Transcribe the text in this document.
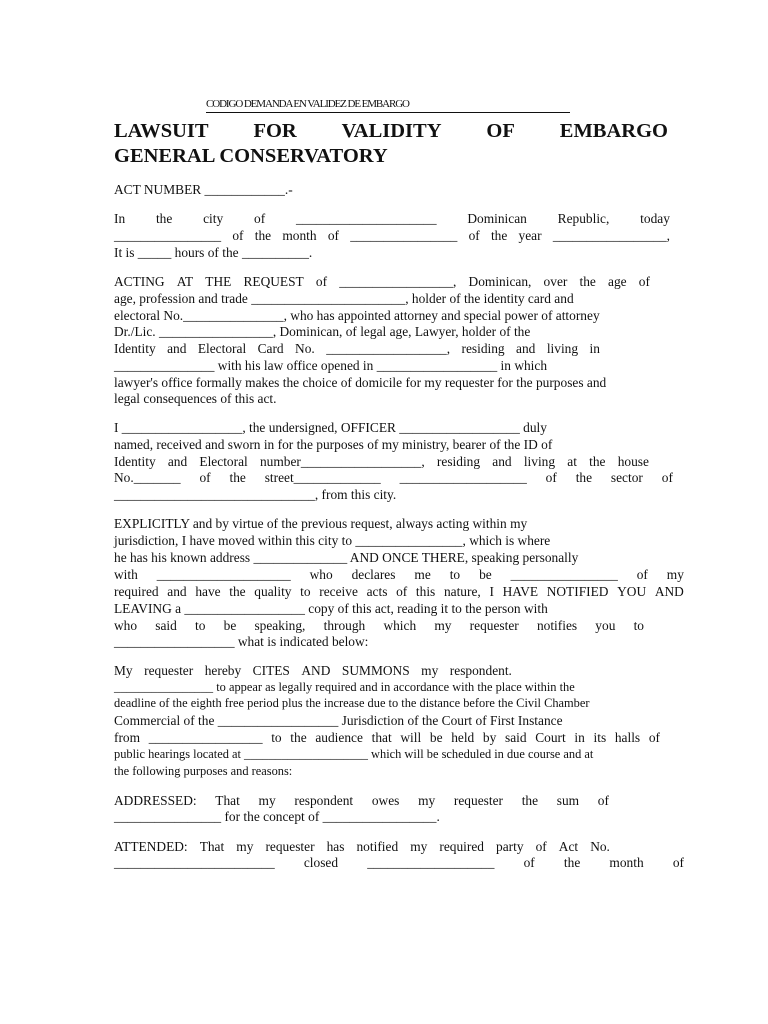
CODIGO DEMANDA EN VALIDEZ DE EMBARGO
LAWSUIT FOR VALIDITY OF EMBARGO
GENERAL CONSERVATORY
ACT NUMBER ____________.-
In the city of _____________________ Dominican Republic, today
________________ of the month of ________________ of the year _________________,
It is _____ hours of the __________.
ACTING AT THE REQUEST of _________________, Dominican, over the age of
age, profession and trade _______________________, holder of the identity card and
electoral No._______________, who has appointed attorney and special power of attorney
Dr./Lic. _________________, Dominican, of legal age, Lawyer, holder of the
Identity and Electoral Card No. __________________, residing and living in
_______________ with his law office opened in __________________ in which
lawyer's office formally makes the choice of domicile for my requester for the purposes and
legal consequences of this act.
I __________________, the undersigned, OFFICER __________________ duly
named, received and sworn in for the purposes of my ministry, bearer of the ID of
Identity and Electoral number__________________, residing and living at the house
No._______ of the street_____________ ___________________ of the sector of
______________________________, from this city.
EXPLICITLY and by virtue of the previous request, always acting within my
jurisdiction, I have moved within this city to ________________, which is where
he has his known address ______________ AND ONCE THERE, speaking personally
with ____________________ who declares me to be ________________ of my
required and have the quality to receive acts of this nature, I HAVE NOTIFIED YOU AND
LEAVING a __________________ copy of this act, reading it to the person with
who said to be speaking, through which my requester notifies you to
__________________ what is indicated below:
My requester hereby CITES AND SUMMONS my respondent.
________________ to appear as legally required and in accordance with the place within the
deadline of the eighth free period plus the increase due to the distance before the Civil Chamber
Commercial of the __________________ Jurisdiction of the Court of First Instance
from _________________ to the audience that will be held by said Court in its halls of
public hearings located at ____________________ which will be scheduled in due course and at
the following purposes and reasons:
ADDRESSED: That my respondent owes my requester the sum of
________________ for the concept of _________________.
ATTENDED: That my requester has notified my required party of Act No.
________________________ closed ___________________ of the month of
